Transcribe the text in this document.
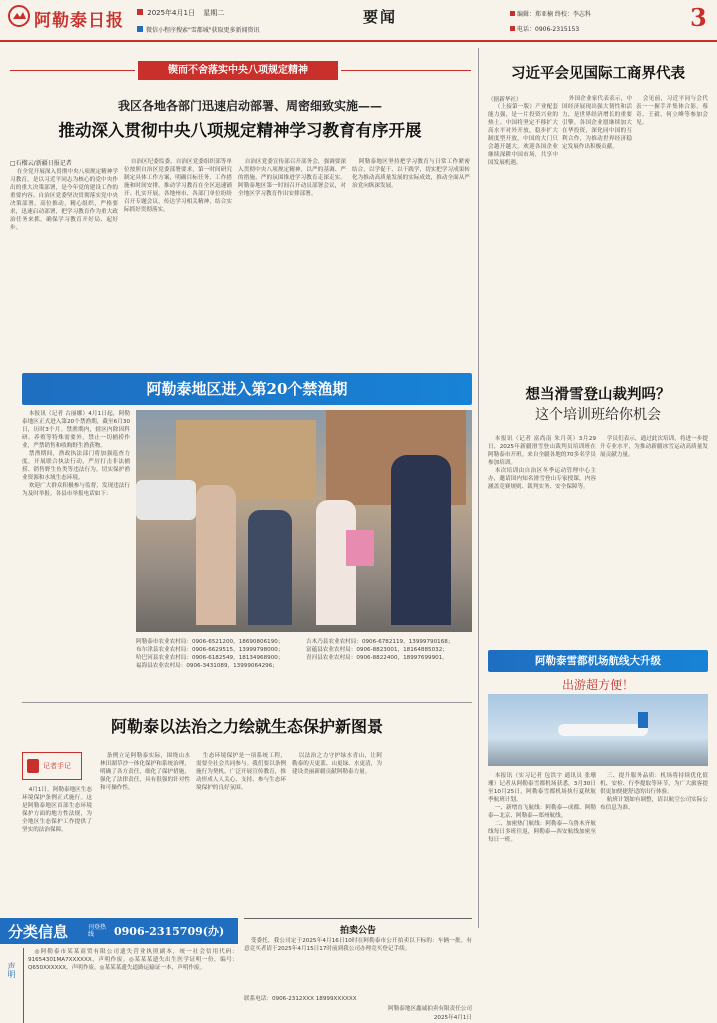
阿勒泰日报	2025年4月1日 星期二
微信小程序搜索"雪都城"获取更多新闻资讯
要闻	编辑：郑亚楠 终校：李志科
电话：0906-2315153	3
锲而不舍落实中央八项规定精神
我区各地各部门迅速启动部署、周密细致实施——
推动深入贯彻中央八项规定精神学习教育有序开展
□石榴云/新疆日报记者

在全党开展深入贯彻中央八项规定精神学习教育，是以习近平同志为核心的党中央作出的重大决策部署，是今年党的建设工作的重要内容。自治区党委坚决贯彻落实党中央决策部署，高位推动，精心组织，严格要求，迅速启动部署，把学习教育作为重大政治任务来抓，确保学习教育开好局、起好步。

自治区纪委监委、自治区党委组织部等单位按照自治区党委部署要求，第一时间研究制定具体工作方案，明确目标任务、工作措施和时间安排，推动学习教育在全区迅速铺开、扎实开展。各地州市、各部门单位纷纷召开专题会议，传达学习相关精神，结合实际抓好贯彻落实。

自治区党委宣传部召开部务会，强调要深入贯彻中央八项规定精神，以严的基调、严的措施、严的氛围推进学习教育走深走实。阿勒泰地区第一时间召开动员部署会议，对全地区学习教育作出安排部署。

阿勒泰地区坚持把学习教育与日常工作紧密结合，以学促干、以干践学，切实把学习成果转化为推动高质量发展的实际成效，推动全面从严治党向纵深发展。

习近平会见国际工商界代表
（据新华社）

（上接第一版）产业配套能力强，是一片投资兴业的热土。中国将坚定不移扩大高水平对外开放，稳步扩大制度型开放，中国的大门只会越开越大。欢迎各国企业继续深耕中国市场，共享中国发展机遇。

外国企业家代表表示，中国经济展现出强大韧性和活力，是世界经济增长的重要引擎。各国企业愿继续加大在华投资，深化同中国的互利合作，为推动世界经济稳定发展作出积极贡献。

会见前，习近平同与会代表一一握手并集体合影。蔡奇、王毅、何立峰等参加会见。

阿勒泰地区进入第20个禁渔期

本报讯（记者 古丽娜）4月1日起，阿勒泰地区正式进入第20个禁渔期，截至6月30日，历时3个月。禁渔期内，辖区内除因科研、养殖等特殊需要外，禁止一切捕捞作业，严禁销售和收购野生渔获物。

禁渔期间，渔政执法部门将加强巡查力度，开展联合执法行动，严厉打击非法捕捞、销售野生鱼类等违法行为，切实保护渔业资源和水域生态环境。

欢迎广大群众积极参与监督，发现违法行为及时举报。各县市举报电话如下：

阿勒泰市农业农村局：0906-6521200，18690806190；

布尔津县农业农村局：0906-6629515，13999798000；

哈巴河县农业农村局：0906-6182549，18134968900；

福海县农业农村局：0906-3431089，13999064296；

吉木乃县农业农村局：0906-6782119，13999790168；

富蕴县农业农村局：0906-8823001，18164885032；

青河县农业农村局：0906-8822400，18997699901。

想当滑雪登山裁判吗？
这个培训班给你机会

本报讯（记者 富尚南 朱月英）3月29日，2025年新疆滑雪登山裁判员培训班在阿勒泰市开班。来自全疆各地的70多名学员参加培训。

本次培训由自治区冬季运动管理中心主办，邀请国内知名滑雪登山专家授课，内容涵盖竞赛规则、裁判实务、安全保障等。

学员们表示，通过此次培训，将进一步提升专业水平，为推动新疆冰雪运动高质量发展贡献力量。

阿勒泰雪都机场航线大升级
出游超方便！

本报讯（实习记者 包洪宇 通讯员 张珊珊）记者从阿勒泰雪都机场获悉，3月30日至10月25日，阿勒泰雪都机场执行夏秋航季航班计划。

一、新增直飞航线：阿勒泰—成都、阿勒泰—北京、阿勒泰—郑州航线。

二、加密热门航线：阿勒泰—乌鲁木齐航线每日多班往返，阿勒泰—西安航线加密至每日一班。

三、提升服务品质：机场将持续优化值机、安检、行李提取等环节，为广大旅客提供更加便捷舒适的出行体验。

航班计划如有调整，请以航空公司实际公布信息为准。

阿勒泰以法治之力绘就生态保护新图景
记者手记

4月1日，阿勒泰地区生态环境保护条例正式施行。这是阿勒泰地区首部生态环境保护方面的地方性法规，为全地区生态保护工作提供了坚实的法治保障。

条例立足阿勒泰实际，围绕山水林田湖草沙一体化保护和系统治理，明确了各方责任，细化了保护措施，强化了法律责任，具有很强的针对性和可操作性。

生态环境保护是一项系统工程，需要全社会共同参与。我们要以条例施行为契机，广泛开展宣传教育，推动形成人人关心、支持、参与生态环境保护的良好氛围。

以法治之力守护绿水青山，让阿勒泰的天更蓝、山更绿、水更清，为建设美丽新疆贡献阿勒泰力量。

分类信息	刊登热线	0906-2315709(办)
声明

◎阿勒泰市某某商贸有限公司遗失营业执照副本，统一社会信用代码：91654301MA7XXXXXX，声明作废。◎某某某遗失出生医学证明一份，编号：Q650XXXXXX，声明作废。◎某某某遗失道路运输证一本，声明作废。

拍卖公告

受委托，我公司定于2025年4月16日10时在阿勒泰市公开拍卖以下标的：车辆一批。有意竞买者请于2025年4月15日17时前到我公司办理竞买登记手续。

联系电话：0906-2312XXX 18999XXXXXX
阿勒泰地区鑫诚拍卖有限责任公司
2025年4月1日
